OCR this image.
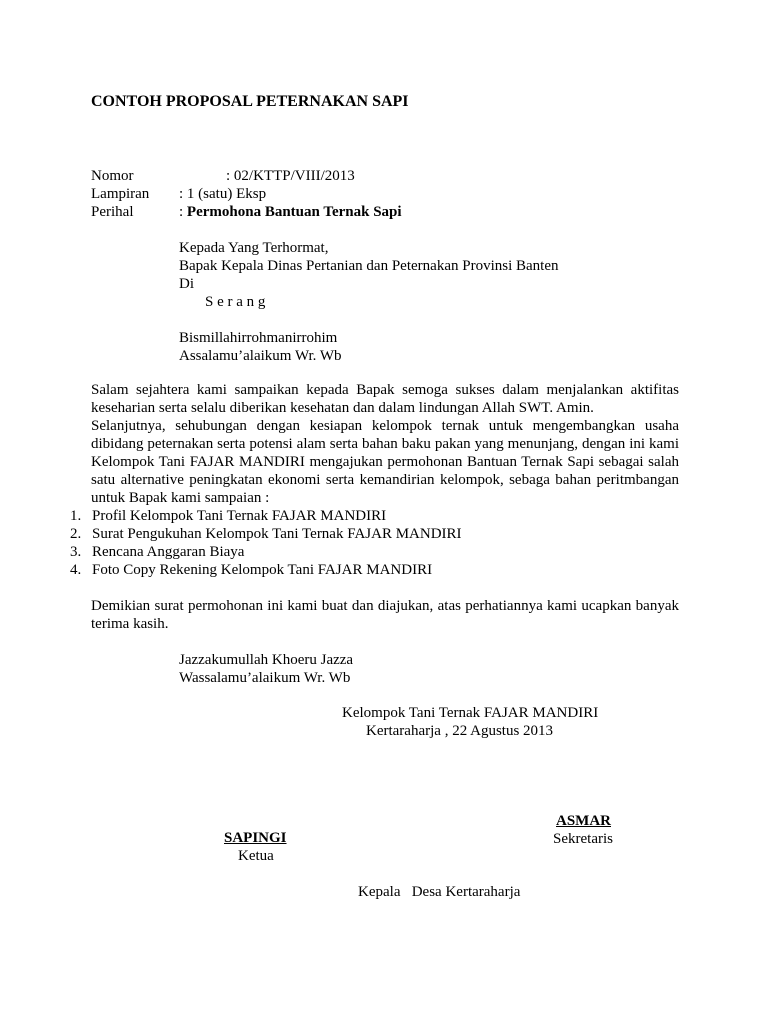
CONTOH PROPOSAL PETERNAKAN SAPI
Nomor	: 02/KTTP/VIII/2013
Lampiran : 1 (satu) Eksp
Perihal	: Permohona Bantuan Ternak Sapi
Kepada Yang Terhormat,
Bapak Kepala Dinas Pertanian dan Peternakan Provinsi Banten
Di
S e r a n g
Bismillahirrohmanirrohim
Assalamu’alaikum Wr. Wb
Salam sejahtera kami sampaikan kepada Bapak semoga sukses dalam menjalankan aktifitas keseharian serta selalu diberikan kesehatan dan dalam lindungan Allah SWT. Amin.
Selanjutnya, sehubungan dengan kesiapan kelompok ternak untuk mengembangkan usaha dibidang peternakan serta potensi alam serta bahan baku pakan yang menunjang, dengan ini kami Kelompok Tani FAJAR MANDIRI mengajukan permohonan Bantuan Ternak Sapi sebagai salah satu alternative peningkatan ekonomi serta kemandirian kelompok, sebaga bahan peritmbangan untuk Bapak kami sampaian :
1. Profil Kelompok Tani Ternak FAJAR MANDIRI
2. Surat Pengukuhan Kelompok Tani Ternak FAJAR MANDIRI
3. Rencana Anggaran Biaya
4. Foto Copy Rekening Kelompok Tani FAJAR MANDIRI
Demikian surat permohonan ini kami buat dan diajukan, atas perhatiannya kami ucapkan banyak terima kasih.
Jazzakumullah Khoeru Jazza
Wassalamu’alaikum Wr. Wb
Kelompok Tani Ternak FAJAR MANDIRI
Kertaraharja , 22 Agustus 2013
ASMAR
Sekretaris
SAPINGI
Ketua
Kepala   Desa Kertaraharja
